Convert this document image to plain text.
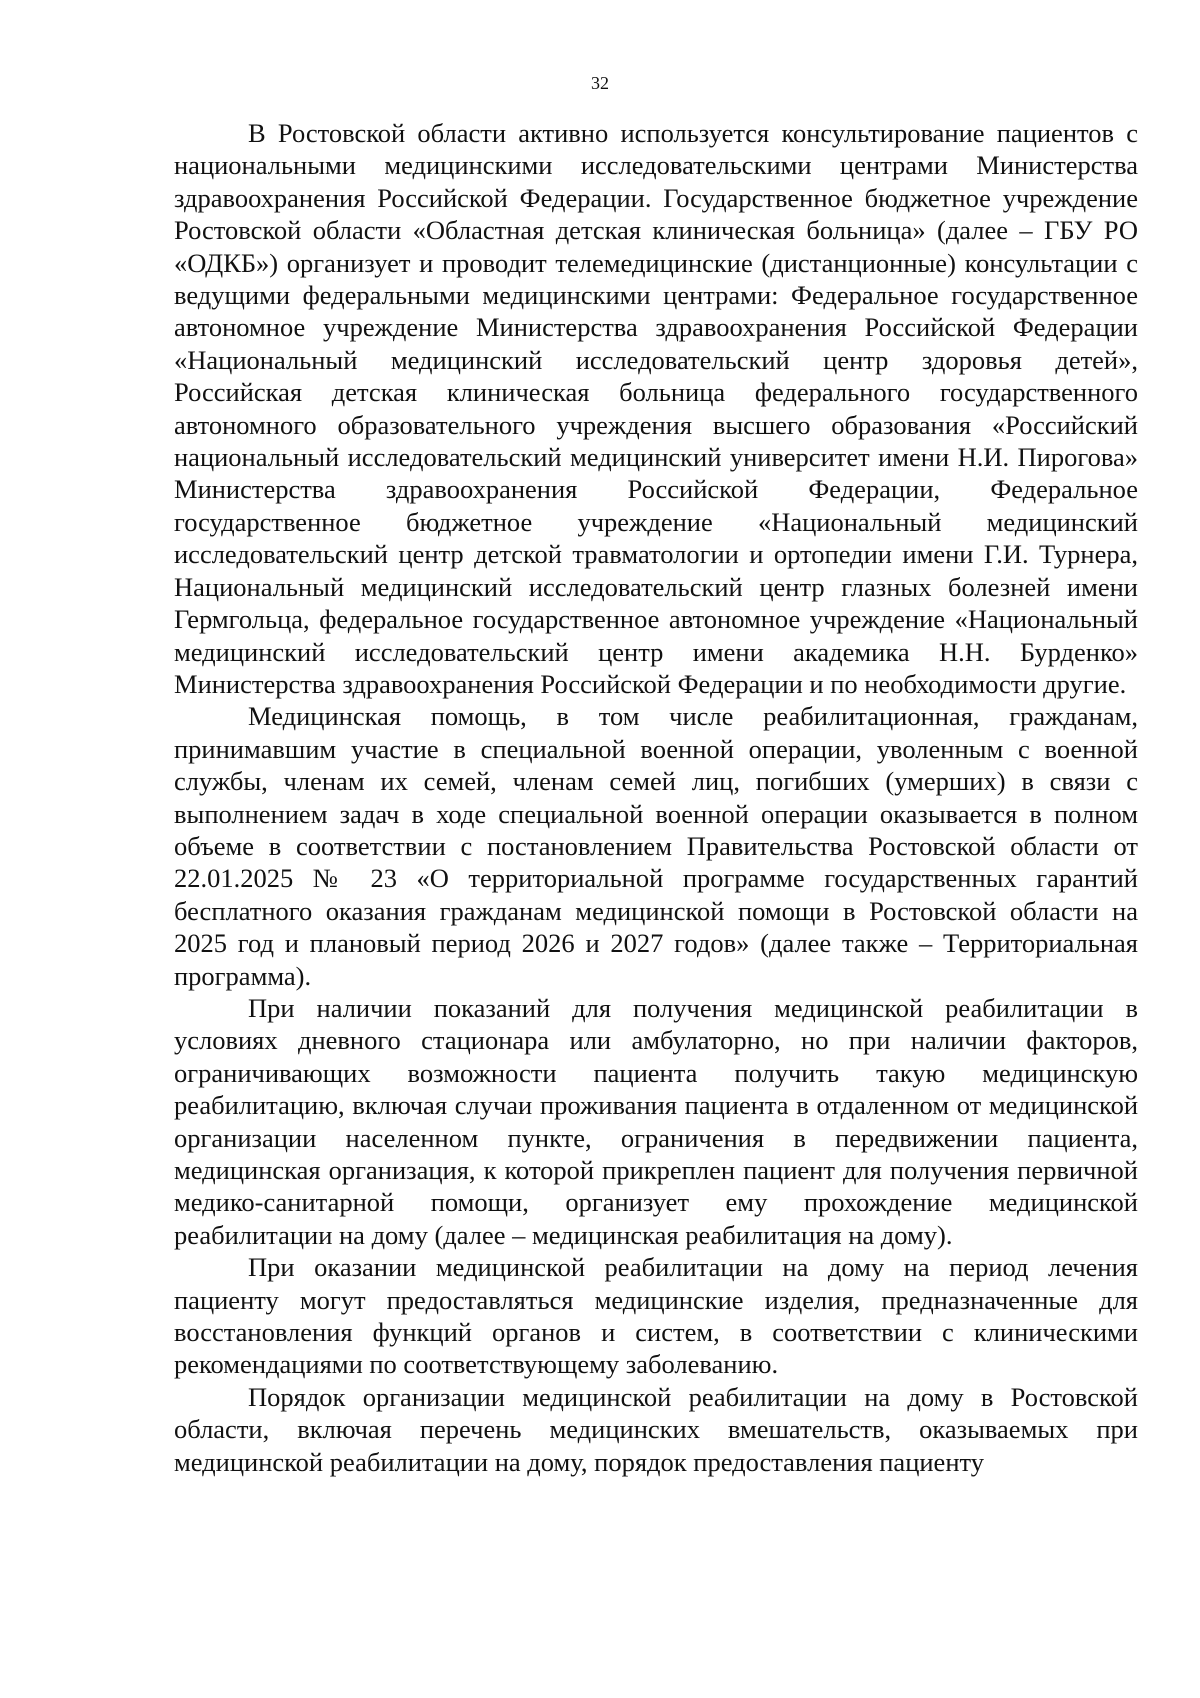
32

В Ростовской области активно используется консультирование пациентов с национальными медицинскими исследовательскими центрами Министерства здравоохранения Российской Федерации. Государственное бюджетное учреждение Ростовской области «Областная детская клиническая больница» (далее – ГБУ РО «ОДКБ») организует и проводит телемедицинские (дистанционные) консультации с ведущими федеральными медицинскими центрами: Федеральное государственное автономное учреждение Министерства здравоохранения Российской Федерации «Национальный медицинский исследовательский центр здоровья детей», Российская детская клиническая больница федерального государственного автономного образовательного учреждения высшего образования «Российский национальный исследовательский медицинский университет имени Н.И. Пирогова» Министерства здравоохранения Российской Федерации, Федеральное государственное бюджетное учреждение «Национальный медицинский исследовательский центр детской травматологии и ортопедии имени Г.И. Турнера, Национальный медицинский исследовательский центр глазных болезней имени Гермгольца, федеральное государственное автономное учреждение «Национальный медицинский исследовательский центр имени академика Н.Н. Бурденко» Министерства здравоохранения Российской Федерации и по необходимости другие.

Медицинская помощь, в том числе реабилитационная, гражданам, принимавшим участие в специальной военной операции, уволенным с военной службы, членам их семей, членам семей лиц, погибших (умерших) в связи с выполнением задач в ходе специальной военной операции оказывается в полном объеме в соответствии с постановлением Правительства Ростовской области от 22.01.2025 № 23 «О территориальной программе государственных гарантий бесплатного оказания гражданам медицинской помощи в Ростовской области на 2025 год и плановый период 2026 и 2027 годов» (далее также – Территориальная программа).

При наличии показаний для получения медицинской реабилитации в условиях дневного стационара или амбулаторно, но при наличии факторов, ограничивающих возможности пациента получить такую медицинскую реабилитацию, включая случаи проживания пациента в отдаленном от медицинской организации населенном пункте, ограничения в передвижении пациента, медицинская организация, к которой прикреплен пациент для получения первичной медико-санитарной помощи, организует ему прохождение медицинской реабилитации на дому (далее – медицинская реабилитация на дому).

При оказании медицинской реабилитации на дому на период лечения пациенту могут предоставляться медицинские изделия, предназначенные для восстановления функций органов и систем, в соответствии с клиническими рекомендациями по соответствующему заболеванию.

Порядок организации медицинской реабилитации на дому в Ростовской области, включая перечень медицинских вмешательств, оказываемых при медицинской реабилитации на дому, порядок предоставления пациенту
